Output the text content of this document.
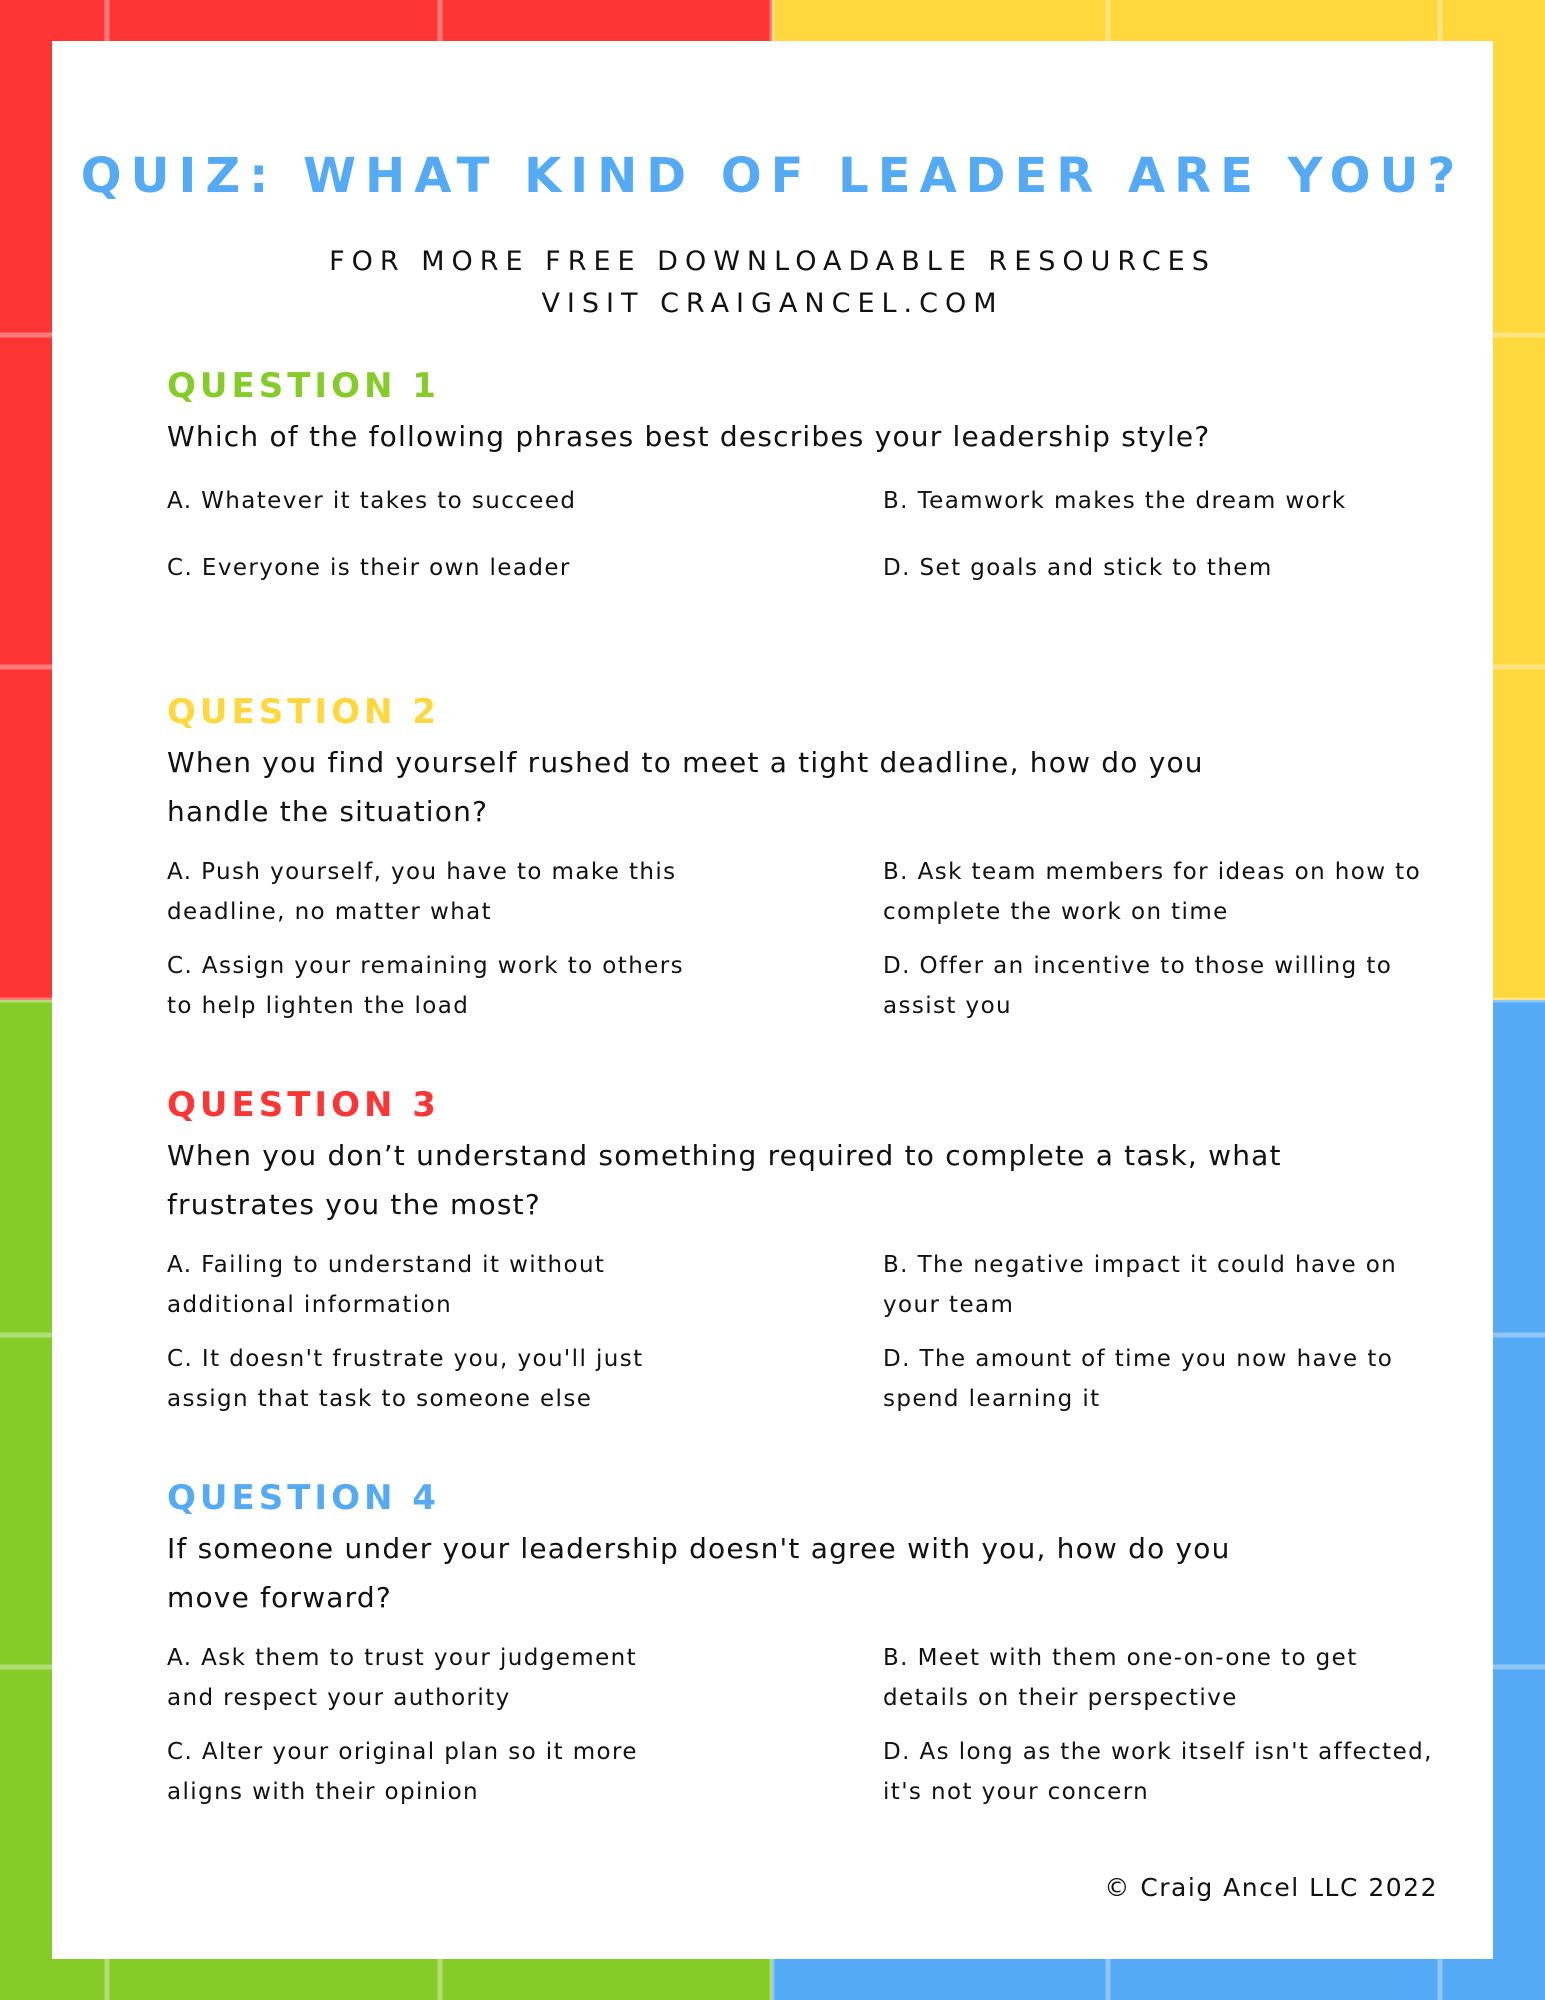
QUIZ: WHAT KIND OF LEADER ARE YOU?

FOR MORE FREE DOWNLOADABLE RESOURCES
VISIT CRAIGANCEL.COM

QUESTION 1

Which of the following phrases best describes your leadership style?

A. Whatever it takes to succeed	B. Teamwork makes the dream work
C. Everyone is their own leader	D. Set goals and stick to them
QUESTION 2

When you find yourself rushed to meet a tight deadline, how do you handle the situation?

A. Push yourself, you have to make this deadline, no matter what
B. Ask team members for ideas on how to complete the work on time
C. Assign your remaining work to others to help lighten the load
D. Offer an incentive to those willing to assist you
QUESTION 3

When you don’t understand something required to complete a task, what frustrates you the most?

A. Failing to understand it without additional information
B. The negative impact it could have on your team
C. It doesn't frustrate you, you'll just assign that task to someone else
D. The amount of time you now have to spend learning it
QUESTION 4

If someone under your leadership doesn't agree with you, how do you move forward?

A. Ask them to trust your judgement and respect your authority
B. Meet with them one-on-one to get details on their perspective
C. Alter your original plan so it more aligns with their opinion
D. As long as the work itself isn't affected, it's not your concern

© Craig Ancel LLC 2022
